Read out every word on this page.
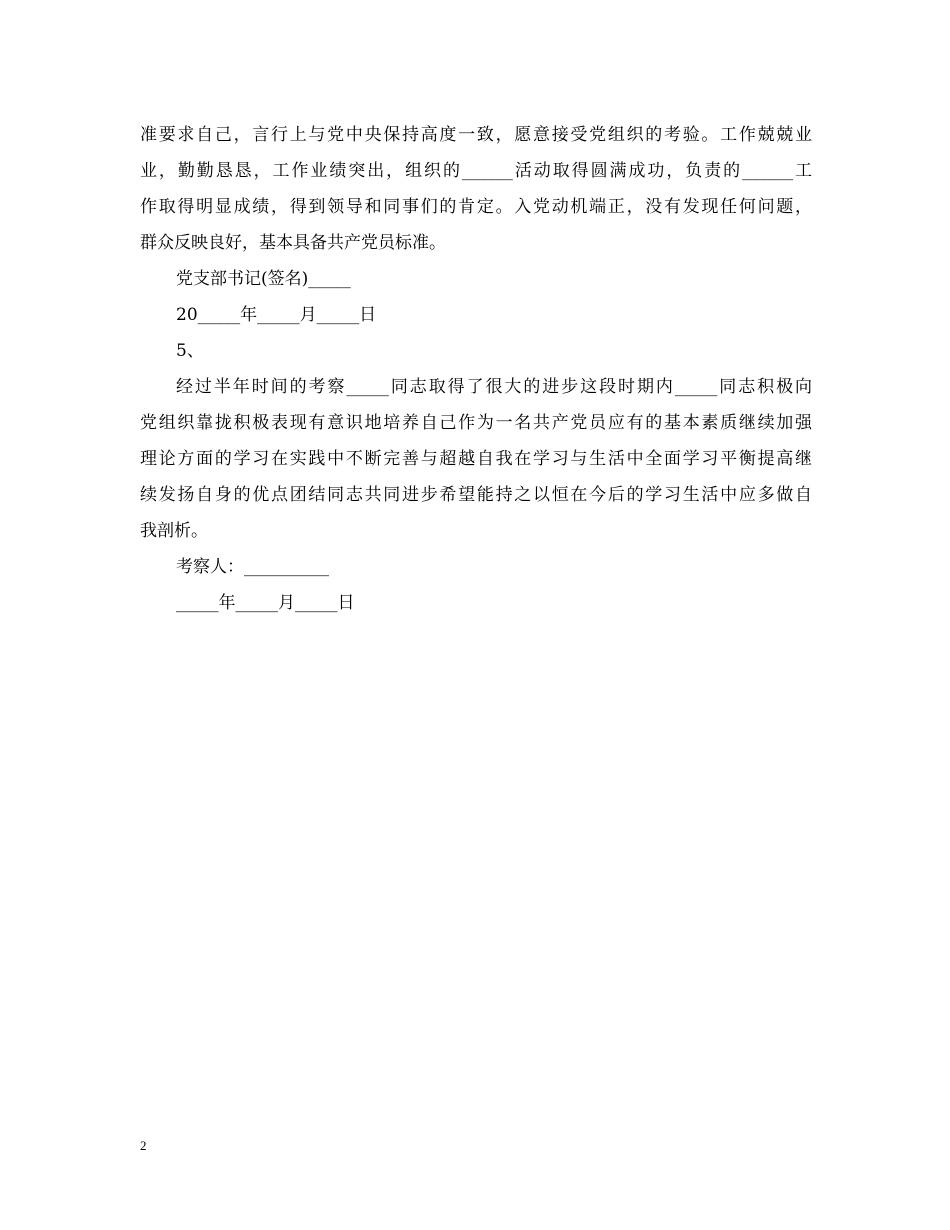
准要求自己，言行上与党中央保持高度一致，愿意接受党组织的考验。工作兢兢业
业，勤勤恳恳，工作业绩突出，组织的______活动取得圆满成功，负责的______工
作取得明显成绩，得到领导和同事们的肯定。入党动机端正，没有发现任何问题，
群众反映良好，基本具备共产党员标准。
党支部书记(签名)_____
20_____年_____月_____日
5、
经过半年时间的考察_____同志取得了很大的进步这段时期内_____同志积极向
党组织靠拢积极表现有意识地培养自己作为一名共产党员应有的基本素质继续加强
理论方面的学习在实践中不断完善与超越自我在学习与生活中全面学习平衡提高继
续发扬自身的优点团结同志共同进步希望能持之以恒在今后的学习生活中应多做自
我剖析。
考察人：__________
_____年_____月_____日
2
